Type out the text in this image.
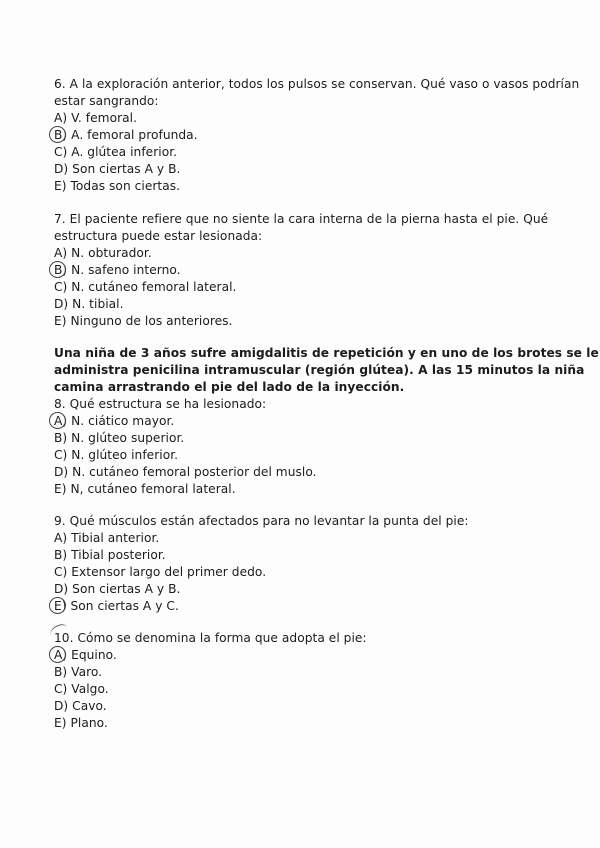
6. A la exploración anterior, todos los pulsos se conservan. Qué vaso o vasos podrían
estar sangrando:
A) V. femoral.
B) A. femoral profunda.
C) A. glútea inferior.
D) Son ciertas A y B.
E) Todas son ciertas.
7. El paciente refiere que no siente la cara interna de la pierna hasta el pie. Qué
estructura puede estar lesionada:
A) N. obturador.
B) N. safeno interno.
C) N. cutáneo femoral lateral.
D) N. tibial.
E) Ninguno de los anteriores.
Una niña de 3 años sufre amigdalitis de repetición y en uno de los brotes se le
administra penicilina intramuscular (región glútea). A las 15 minutos la niña
camina arrastrando el pie del lado de la inyección.
8. Qué estructura se ha lesionado:
A) N. ciático mayor.
B) N. glúteo superior.
C) N. glúteo inferior.
D) N. cutáneo femoral posterior del muslo.
E) N, cutáneo femoral lateral.
9. Qué músculos están afectados para no levantar la punta del pie:
A) Tibial anterior.
B) Tibial posterior.
C) Extensor largo del primer dedo.
D) Son ciertas A y B.
E) Son ciertas A y C.
10. Cómo se denomina la forma que adopta el pie:
A) Equino.
B) Varo.
C) Valgo.
D) Cavo.
E) Plano.
